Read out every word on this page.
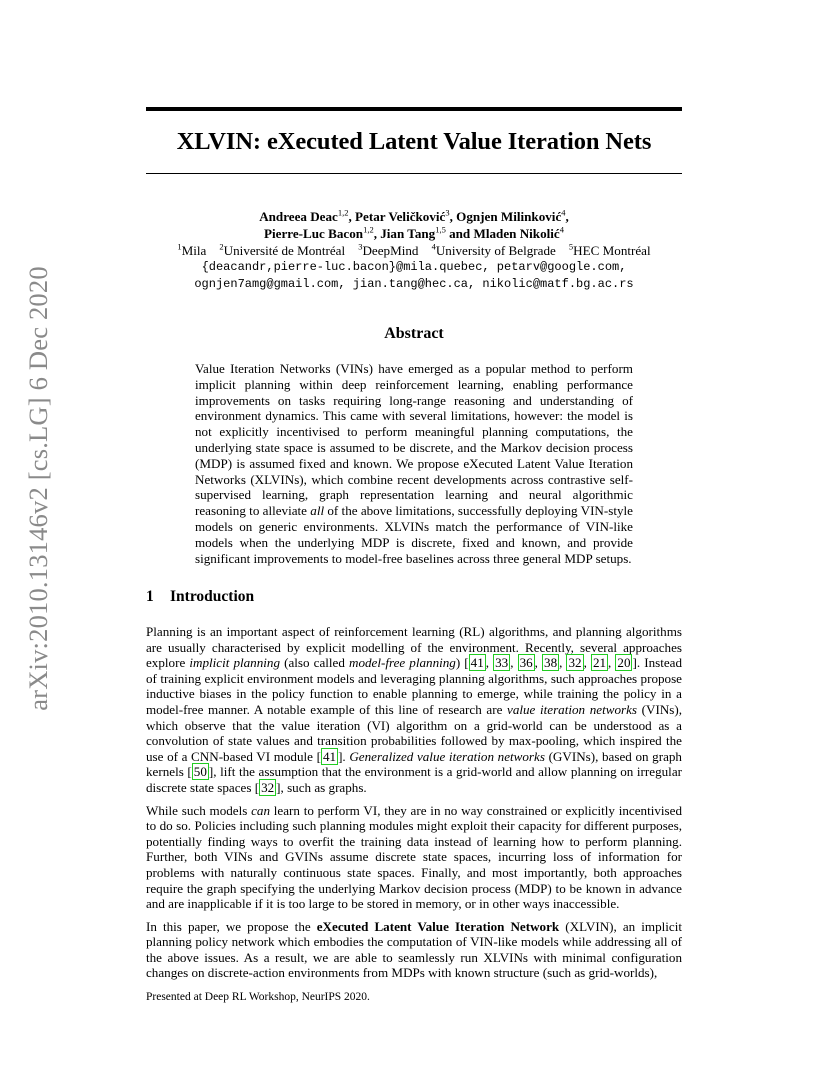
arXiv:2010.13146v2 [cs.LG] 6 Dec 2020
XLVIN: eXecuted Latent Value Iteration Nets
Andreea Deac$^{1,2}$, Petar Veličković$^3$, Ognjen Milinković$^4$,
Pierre-Luc Bacon$^{1,2}$, Jian Tang$^{1,5}$ and Mladen Nikolić$^4$
$^1$Mila $^2$Université de Montréal $^3$DeepMind $^4$University of Belgrade $^5$HEC Montréal
{deacandr,pierre-luc.bacon}@mila.quebec, petarv@google.com,
ognjen7amg@gmail.com, jian.tang@hec.ca, nikolic@matf.bg.ac.rs
Abstract
Value Iteration Networks (VINs) have emerged as a popular method to perform implicit planning within deep reinforcement learning, enabling performance improvements on tasks requiring long-range reasoning and understanding of environment dynamics. This came with several limitations, however: the model is not explicitly incentivised to perform meaningful planning computations, the underlying state space is assumed to be discrete, and the Markov decision process (MDP) is assumed fixed and known. We propose eXecuted Latent Value Iteration Networks (XLVINs), which combine recent developments across contrastive self-supervised learning, graph representation learning and neural algorithmic reasoning to alleviate all of the above limitations, successfully deploying VIN-style models on generic environments. XLVINs match the performance of VIN-like models when the underlying MDP is discrete, fixed and known, and provide significant improvements to model-free baselines across three general MDP setups.
1 Introduction

Planning is an important aspect of reinforcement learning (RL) algorithms, and planning algorithms are usually characterised by explicit modelling of the environment. Recently, several approaches explore implicit planning (also called model-free planning) [ 41 , 33 , 36 , 38 , 32 , 21 , 20 ]. Instead of training explicit environment models and leveraging planning algorithms, such approaches propose inductive biases in the policy function to enable planning to emerge, while training the policy in a model-free manner. A notable example of this line of research are value iteration networks (VINs), which observe that the value iteration (VI) algorithm on a grid-world can be understood as a convolution of state values and transition probabilities followed by max-pooling, which inspired the use of a CNN-based VI module [ 41 ]. Generalized value iteration networks (GVINs), based on graph kernels [ 50 ], lift the assumption that the environment is a grid-world and allow planning on irregular discrete state spaces [ 32 ], such as graphs.

While such models can learn to perform VI, they are in no way constrained or explicitly incentivised to do so. Policies including such planning modules might exploit their capacity for different purposes, potentially finding ways to overfit the training data instead of learning how to perform planning. Further, both VINs and GVINs assume discrete state spaces, incurring loss of information for problems with naturally continuous state spaces. Finally, and most importantly, both approaches require the graph specifying the underlying Markov decision process (MDP) to be known in advance and are inapplicable if it is too large to be stored in memory, or in other ways inaccessible.

In this paper, we propose the eXecuted Latent Value Iteration Network (XLVIN), an implicit planning policy network which embodies the computation of VIN-like models while addressing all of the above issues. As a result, we are able to seamlessly run XLVINs with minimal configuration changes on discrete-action environments from MDPs with known structure (such as grid-worlds),

Presented at Deep RL Workshop, NeurIPS 2020.
